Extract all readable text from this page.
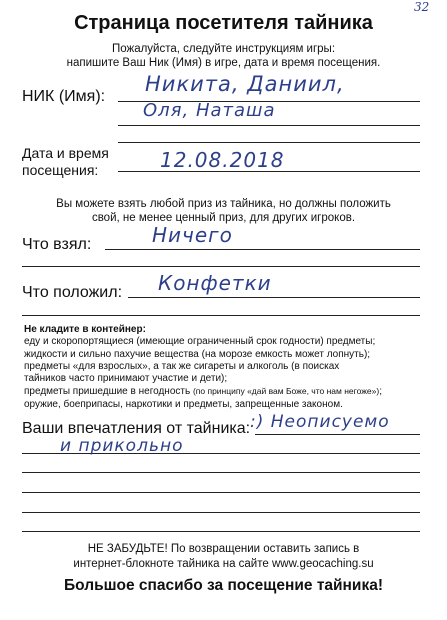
32
Страница посетителя тайника
Пожалуйста, следуйте инструкциям игры:
напишите Ваш Ник (Имя) в игре, дата и время посещения.
НИК (Имя):
Никита, Даниил,
Оля, Наташа
Дата и время
посещения:	12.08.2018
Вы можете взять любой приз из тайника, но должны положить
свой, не менее ценный приз, для других игроков.
Что взял:	Ничего
Что положил: Конфетки
Не кладите в контейнер:
еду и скоропортящиеся (имеющие ограниченный срок годности) предметы;
жидкости и сильно пахучие вещества (на морозе емкость может лопнуть);
предметы «для взрослых», а так же сигареты и алкоголь (в поисках
тайников часто принимают участие и дети);
предметы пришедшие в негодность (по принципу «дай вам Боже, что нам негоже»);
оружие, боеприпасы, наркотики и предметы, запрещенные законом.
Ваши впечатления от тайника: :) Неописуемо
и прикольно
НЕ ЗАБУДЬТЕ! По возвращении оставить запись в
интернет-блокноте тайника на сайте www.geocaching.su
Большое спасибо за посещение тайника!
